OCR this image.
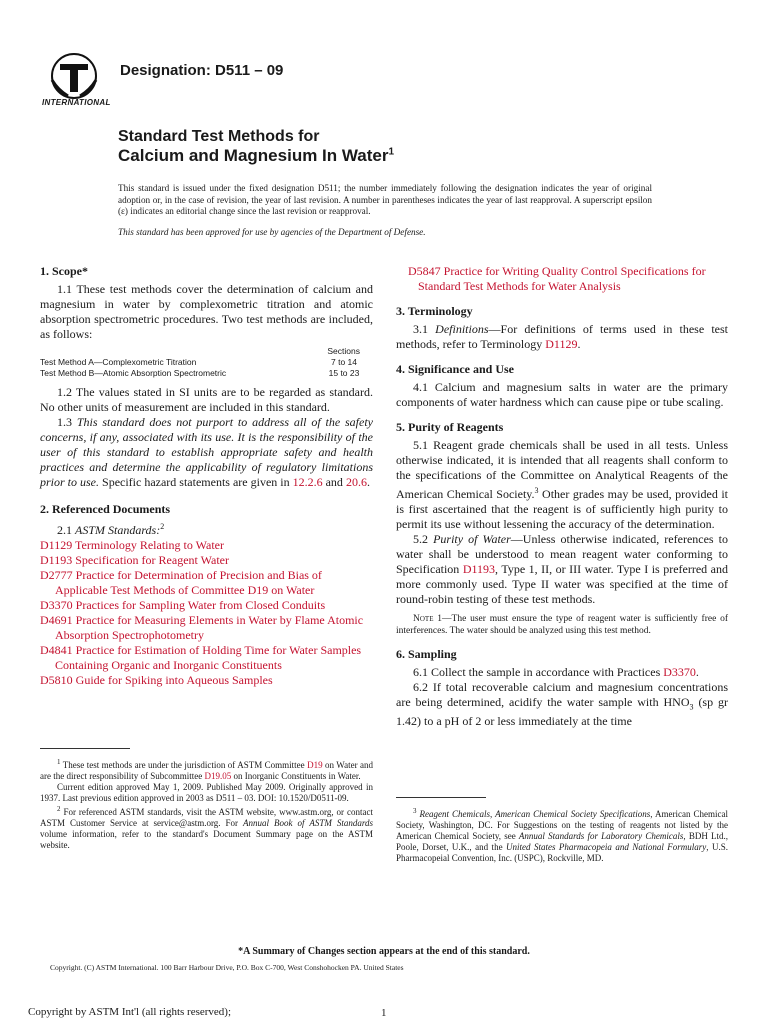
INTERNATIONAL
Designation: D511 – 09
Standard Test Methods for
Calcium and Magnesium In Water$^1$
This standard is issued under the fixed designation D511; the number immediately following the designation indicates the year of original adoption or, in the case of revision, the year of last revision. A number in parentheses indicates the year of last reapproval. A superscript epsilon (ε) indicates an editorial change since the last revision or reapproval.
This standard has been approved for use by agencies of the Department of Defense.

1. Scope*

1.1 These test methods cover the determination of calcium and magnesium in water by complexometric titration and atomic absorption spectrometric procedures. Two test methods are included, as follows:

Sections
Test Method A—Complexometric Titration	7 to 14
Test Method B—Atomic Absorption Spectrometric	15 to 23

1.2 The values stated in SI units are to be regarded as standard. No other units of measurement are included in this standard.

1.3 This standard does not purport to address all of the safety concerns, if any, associated with its use. It is the responsibility of the user of this standard to establish appropriate safety and health practices and determine the applicability of regulatory limitations prior to use. Specific hazard statements are given in 12.2.6 and 20.6.

2. Referenced Documents

2.1 ASTM Standards:$^2$

D1129 Terminology Relating to Water

D1193 Specification for Reagent Water

D2777 Practice for Determination of Precision and Bias of Applicable Test Methods of Committee D19 on Water

D3370 Practices for Sampling Water from Closed Conduits

D4691 Practice for Measuring Elements in Water by Flame Atomic Absorption Spectrophotometry

D4841 Practice for Estimation of Holding Time for Water Samples Containing Organic and Inorganic Constituents

D5810 Guide for Spiking into Aqueous Samples

$^1$ These test methods are under the jurisdiction of ASTM Committee D19 on Water and are the direct responsibility of Subcommittee D19.05 on Inorganic Constituents in Water.

Current edition approved May 1, 2009. Published May 2009. Originally approved in 1937. Last previous edition approved in 2003 as D511 – 03. DOI: 10.1520/D0511-09.

$^2$ For referenced ASTM standards, visit the ASTM website, www.astm.org, or contact ASTM Customer Service at service@astm.org. For Annual Book of ASTM Standards volume information, refer to the standard's Document Summary page on the ASTM website.

D5847 Practice for Writing Quality Control Specifications for Standard Test Methods for Water Analysis

3. Terminology

3.1 Definitions—For definitions of terms used in these test methods, refer to Terminology D1129.

4. Significance and Use

4.1 Calcium and magnesium salts in water are the primary components of water hardness which can cause pipe or tube scaling.

5. Purity of Reagents

5.1 Reagent grade chemicals shall be used in all tests. Unless otherwise indicated, it is intended that all reagents shall conform to the specifications of the Committee on Analytical Reagents of the American Chemical Society.$^3$ Other grades may be used, provided it is first ascertained that the reagent is of sufficiently high purity to permit its use without lessening the accuracy of the determination.

5.2 Purity of Water—Unless otherwise indicated, references to water shall be understood to mean reagent water conforming to Specification D1193, Type 1, II, or III water. Type I is preferred and more commonly used. Type II water was specified at the time of round-robin testing of these test methods.

Note 1—The user must ensure the type of reagent water is sufficiently free of interferences. The water should be analyzed using this test method.

6. Sampling

6.1 Collect the sample in accordance with Practices D3370.

6.2 If total recoverable calcium and magnesium concentrations are being determined, acidify the water sample with $HNO_3$ (sp gr 1.42) to a pH of 2 or less immediately at the time

$^3$ Reagent Chemicals, American Chemical Society Specifications, American Chemical Society, Washington, DC. For Suggestions on the testing of reagents not listed by the American Chemical Society, see Annual Standards for Laboratory Chemicals, BDH Ltd., Poole, Dorset, U.K., and the United States Pharmacopeia and National Formulary, U.S. Pharmacopeial Convention, Inc. (USPC), Rockville, MD.

*A Summary of Changes section appears at the end of this standard.
Copyright. (C) ASTM International. 100 Barr Harbour Drive, P.O. Box C-700, West Conshohocken PA. United States
Copyright by ASTM Int'l (all rights reserved);	1
